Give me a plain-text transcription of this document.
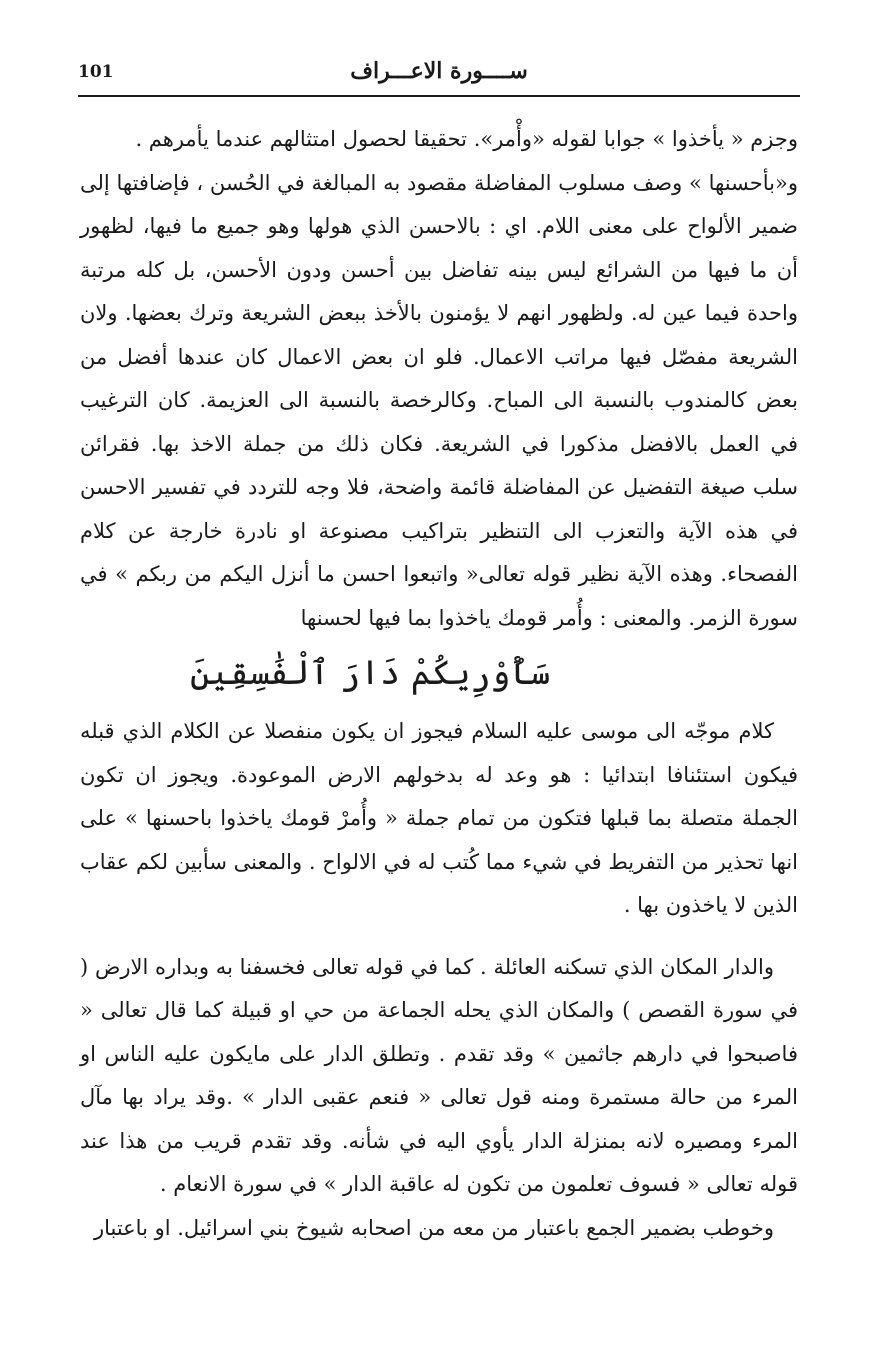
ســــورة الاعـــراف
101

وجزم « يأخذوا » جوابا لقوله «وأْمر». تحقيقا لحصول امتثالهم عندما يأمرهم .

و«بأحسنها » وصف مسلوب المفاضلة مقصود به المبالغة في الحُسن ، فإضافتها إلى ضمير الألواح على معنى اللام. اي : بالاحسن الذي هولها وهو جميع ما فيها، لظهور أن ما فيها من الشرائع ليس بينه تفاضل بين أحسن ودون الأحسن، بل كله مرتبة واحدة فيما عين له. ولظهور انهم لا يؤمنون بالأخذ ببعض الشريعة وترك بعضها. ولان الشريعة مفصّل فيها مراتب الاعمال. فلو ان بعض الاعمال كان عندها أفضل من بعض كالمندوب بالنسبة الى المباح. وكالرخصة بالنسبة الى العزيمة. كان الترغيب في العمل بالافضل مذكورا في الشريعة. فكان ذلك من جملة الاخذ بها. فقرائن سلب صيغة التفضيل عن المفاضلة قائمة واضحة، فلا وجه للتردد في تفسير الاحسن في هذه الآية والتعزب الى التنظير بتراكيب مصنوعة او نادرة خارجة عن كلام الفصحاء. وهذه الآية نظير قوله تعالى« واتبعوا احسن ما أنزل اليكم من ربكم » في سورة الزمر. والمعنى : وأُمر قومك ياخذوا بما فيها لحسنها

سَأُوْرِيكُمْ دَارَ ٱلْفَٰسِقِينَ

كلام موجّه الى موسى عليه السلام فيجوز ان يكون منفصلا عن الكلام الذي قبله فيكون استئنافا ابتدائيا : هو وعد له بدخولهم الارض الموعودة. ويجوز ان تكون الجملة متصلة بما قبلها فتكون من تمام جملة « وأُمرْ قومك ياخذوا باحسنها » على انها تحذير من التفريط في شيء مما كُتب له في الالواح . والمعنى سأبين لكم عقاب الذين لا ياخذون بها .

والدار المكان الذي تسكنه العائلة . كما في قوله تعالى فخسفنا به وبداره الارض ( في سورة القصص ) والمكان الذي يحله الجماعة من حي او قبيلة كما قال تعالى « فاصبحوا في دارهم جاثمين » وقد تقدم . وتطلق الدار على مايكون عليه الناس او المرء من حالة مستمرة ومنه قول تعالى « فنعم عقبى الدار » .وقد يراد بها مآل المرء ومصيره لانه بمنزلة الدار يأوي اليه في شأنه. وقد تقدم قريب من هذا عند قوله تعالى « فسوف تعلمون من تكون له عاقبة الدار » في سورة الانعام .

وخوطب بضمير الجمع باعتبار من معه من اصحابه شيوخ بني اسرائيل. او باعتبار
